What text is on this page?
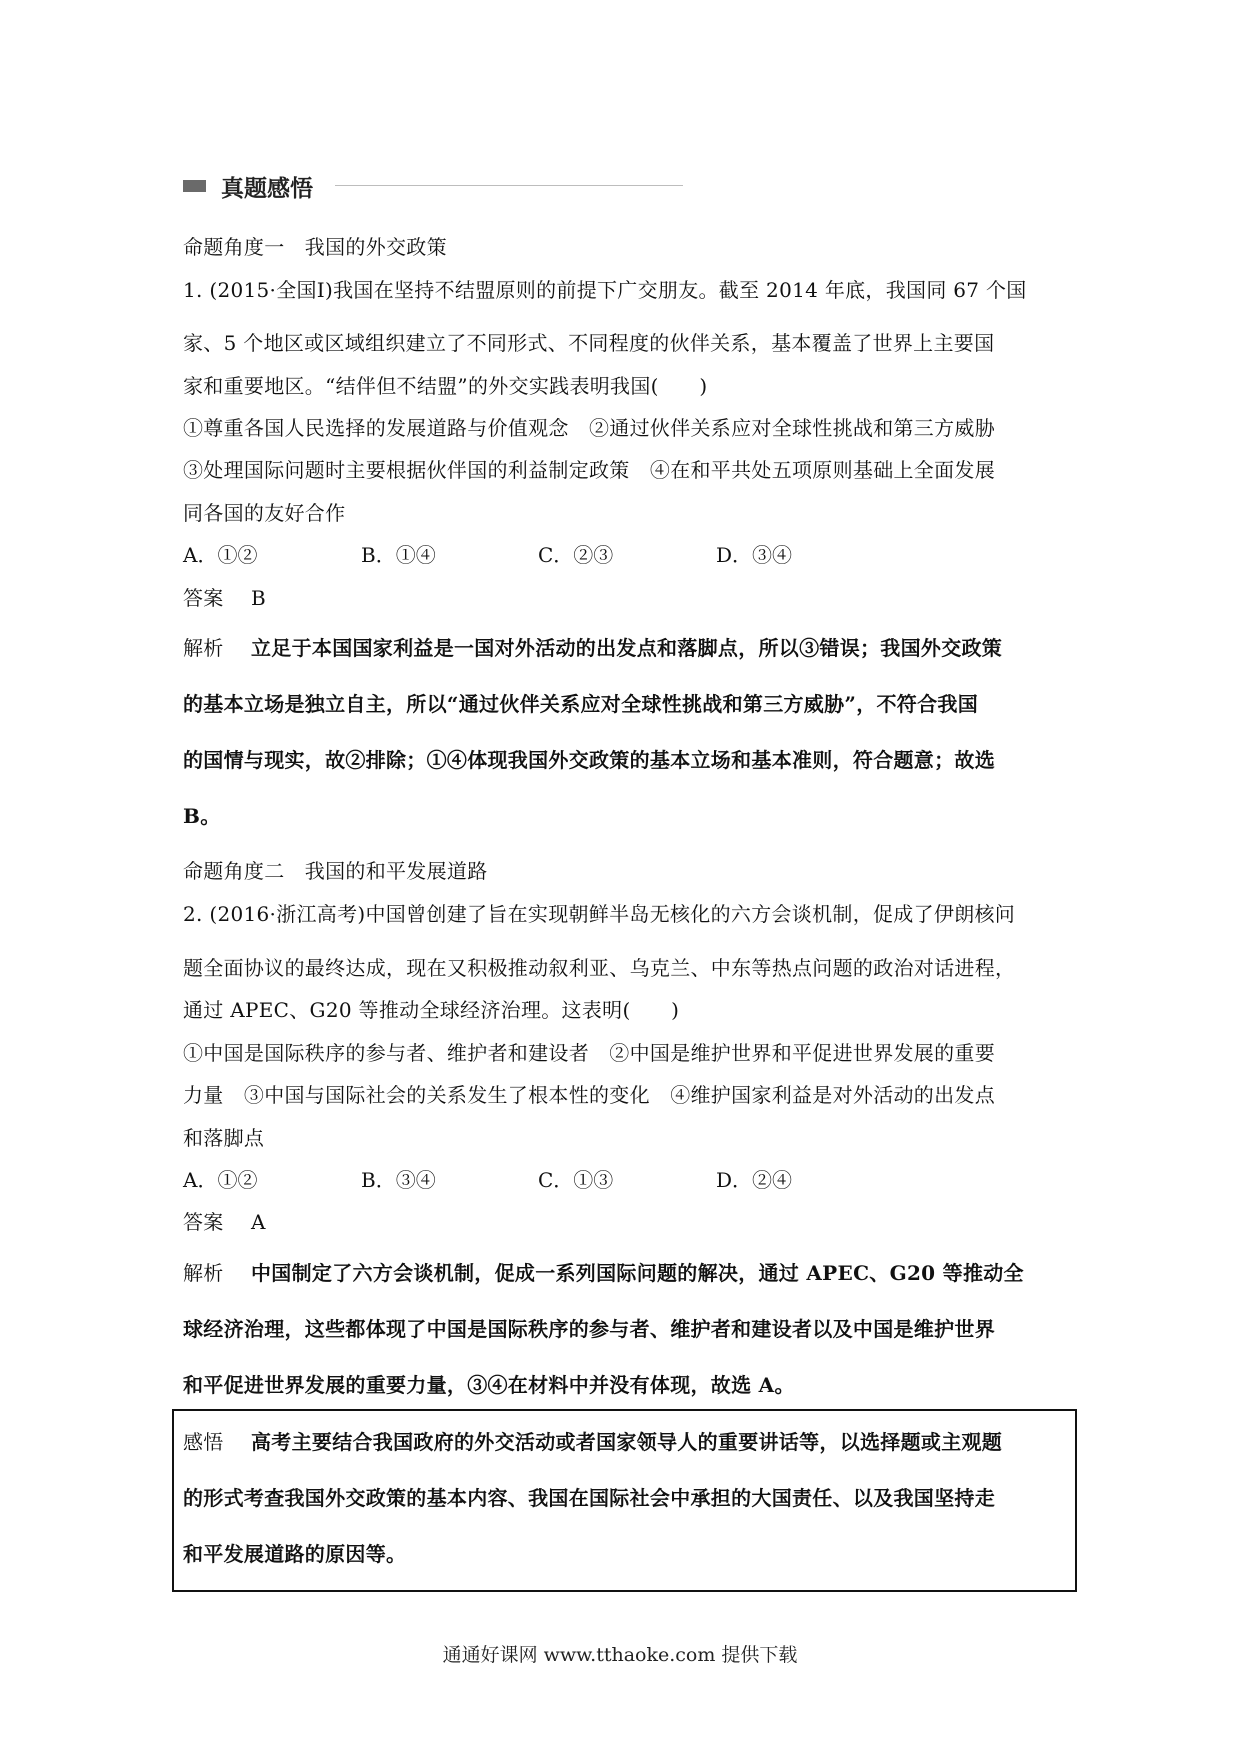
真题感悟
命题角度一　我国的外交政策
1. (2015·全国Ⅰ)我国在坚持不结盟原则的前提下广交朋友。截至 2014 年底，我国同 67 个国
家、5 个地区或区域组织建立了不同形式、不同程度的伙伴关系，基本覆盖了世界上主要国
家和重要地区。“结伴但不结盟”的外交实践表明我国(　　)
①尊重各国人民选择的发展道路与价值观念　②通过伙伴关系应对全球性挑战和第三方威胁
③处理国际问题时主要根据伙伴国的利益制定政策　④在和平共处五项原则基础上全面发展
同各国的友好合作
A．①②	B．①④	C．②③	D．③④
答案 B
解析 立足于本国国家利益是一国对外活动的出发点和落脚点，所以③错误；我国外交政策
的基本立场是独立自主，所以“通过伙伴关系应对全球性挑战和第三方威胁”，不符合我国
的国情与现实，故②排除；①④体现我国外交政策的基本立场和基本准则，符合题意；故选
B。
命题角度二　我国的和平发展道路
2. (2016·浙江高考)中国曾创建了旨在实现朝鲜半岛无核化的六方会谈机制，促成了伊朗核问
题全面协议的最终达成，现在又积极推动叙利亚、乌克兰、中东等热点问题的政治对话进程，
通过 APEC、G20 等推动全球经济治理。这表明(　　)
①中国是国际秩序的参与者、维护者和建设者　②中国是维护世界和平促进世界发展的重要
力量　③中国与国际社会的关系发生了根本性的变化　④维护国家利益是对外活动的出发点
和落脚点
A．①②	B．③④	C．①③	D．②④
答案 A
解析 中国制定了六方会谈机制，促成一系列国际问题的解决，通过 APEC、G20 等推动全
球经济治理，这些都体现了中国是国际秩序的参与者、维护者和建设者以及中国是维护世界
和平促进世界发展的重要力量，③④在材料中并没有体现，故选 A。
感悟 高考主要结合我国政府的外交活动或者国家领导人的重要讲话等，以选择题或主观题
的形式考查我国外交政策的基本内容、我国在国际社会中承担的大国责任、以及我国坚持走
和平发展道路的原因等。
通通好课网 www.tthaoke.com 提供下载
